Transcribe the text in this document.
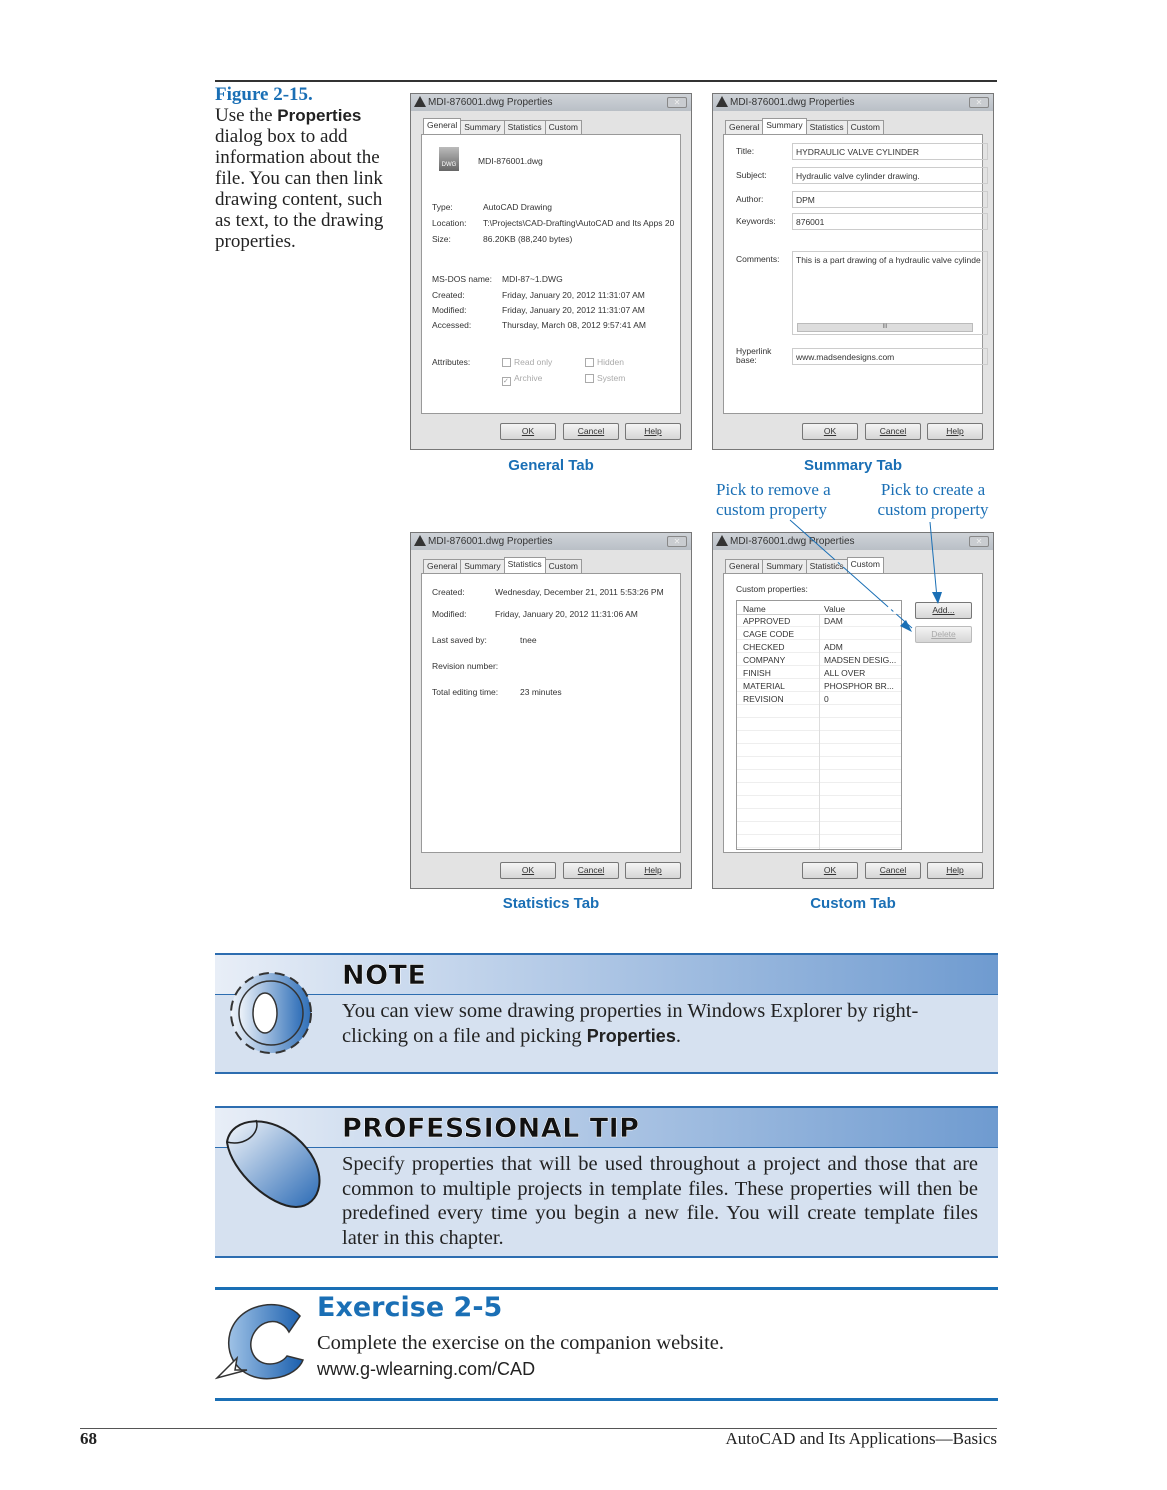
Figure 2-15.
Use the Properties dialog box to add information about the file. You can then link drawing content, such as text, to the drawing properties.
MDI-876001.dwg Properties	✕
General Summary Statistics Custom
DWG	MDI-876001.dwg
Type:	AutoCAD Drawing
Location: T:\Projects\CAD-Drafting\AutoCAD and Its Apps 20
Size:	86.20KB (88,240 bytes)
MS-DOS name: MDI-87~1.DWG
Created:	Friday, January 20, 2012 11:31:07 AM
Modified:	Friday, January 20, 2012 11:31:07 AM
Accessed:	Thursday, March 08, 2012 9:57:41 AM
Attributes:	Read only	Hidden
✓ Archive	System
OK	Cancel	Help
MDI-876001.dwg Properties	✕
General Summary Statistics Custom
Title:	HYDRAULIC VALVE CYLINDER
Subject:	Hydraulic valve cylinder drawing.
Author:	DPM
Keywords:	876001
Comments:	This is a part drawing of a hydraulic valve cylinde
III
Hyperlink base:	www.madsendesigns.com
OK	Cancel	Help
General Tab	Summary Tab
Pick to remove a custom property
Pick to create a custom property
MDI-876001.dwg Properties	✕
General Summary Statistics Custom
Created:	Wednesday, December 21, 2011 5:53:26 PM
Modified:	Friday, January 20, 2012 11:31:06 AM
Last saved by:	tnee
Revision number:
Total editing time:	23 minutes
OK	Cancel	Help
MDI-876001.dwg Properties	✕
General Summary Statistics Custom
Custom properties:
Name	Value
APPROVED	DAM
CAGE CODE
CHECKED	ADM
COMPANY	MADSEN DESIG...
FINISH	ALL OVER
MATERIAL	PHOSPHOR BR...
REVISION	0
Add...
Delete
OK	Cancel	Help
Statistics Tab	Custom Tab
NOTE
You can view some drawing properties in Windows Explorer by right-clicking on a file and picking Properties.
PROFESSIONAL TIP
Specify properties that will be used throughout a project and those that are common to multiple projects in template files. These properties will then be predefined every time you begin a new file. You will create template files later in this chapter.
Exercise 2-5
Complete the exercise on the companion website.
www.g-wlearning.com/CAD
68	AutoCAD and Its Applications—Basics
